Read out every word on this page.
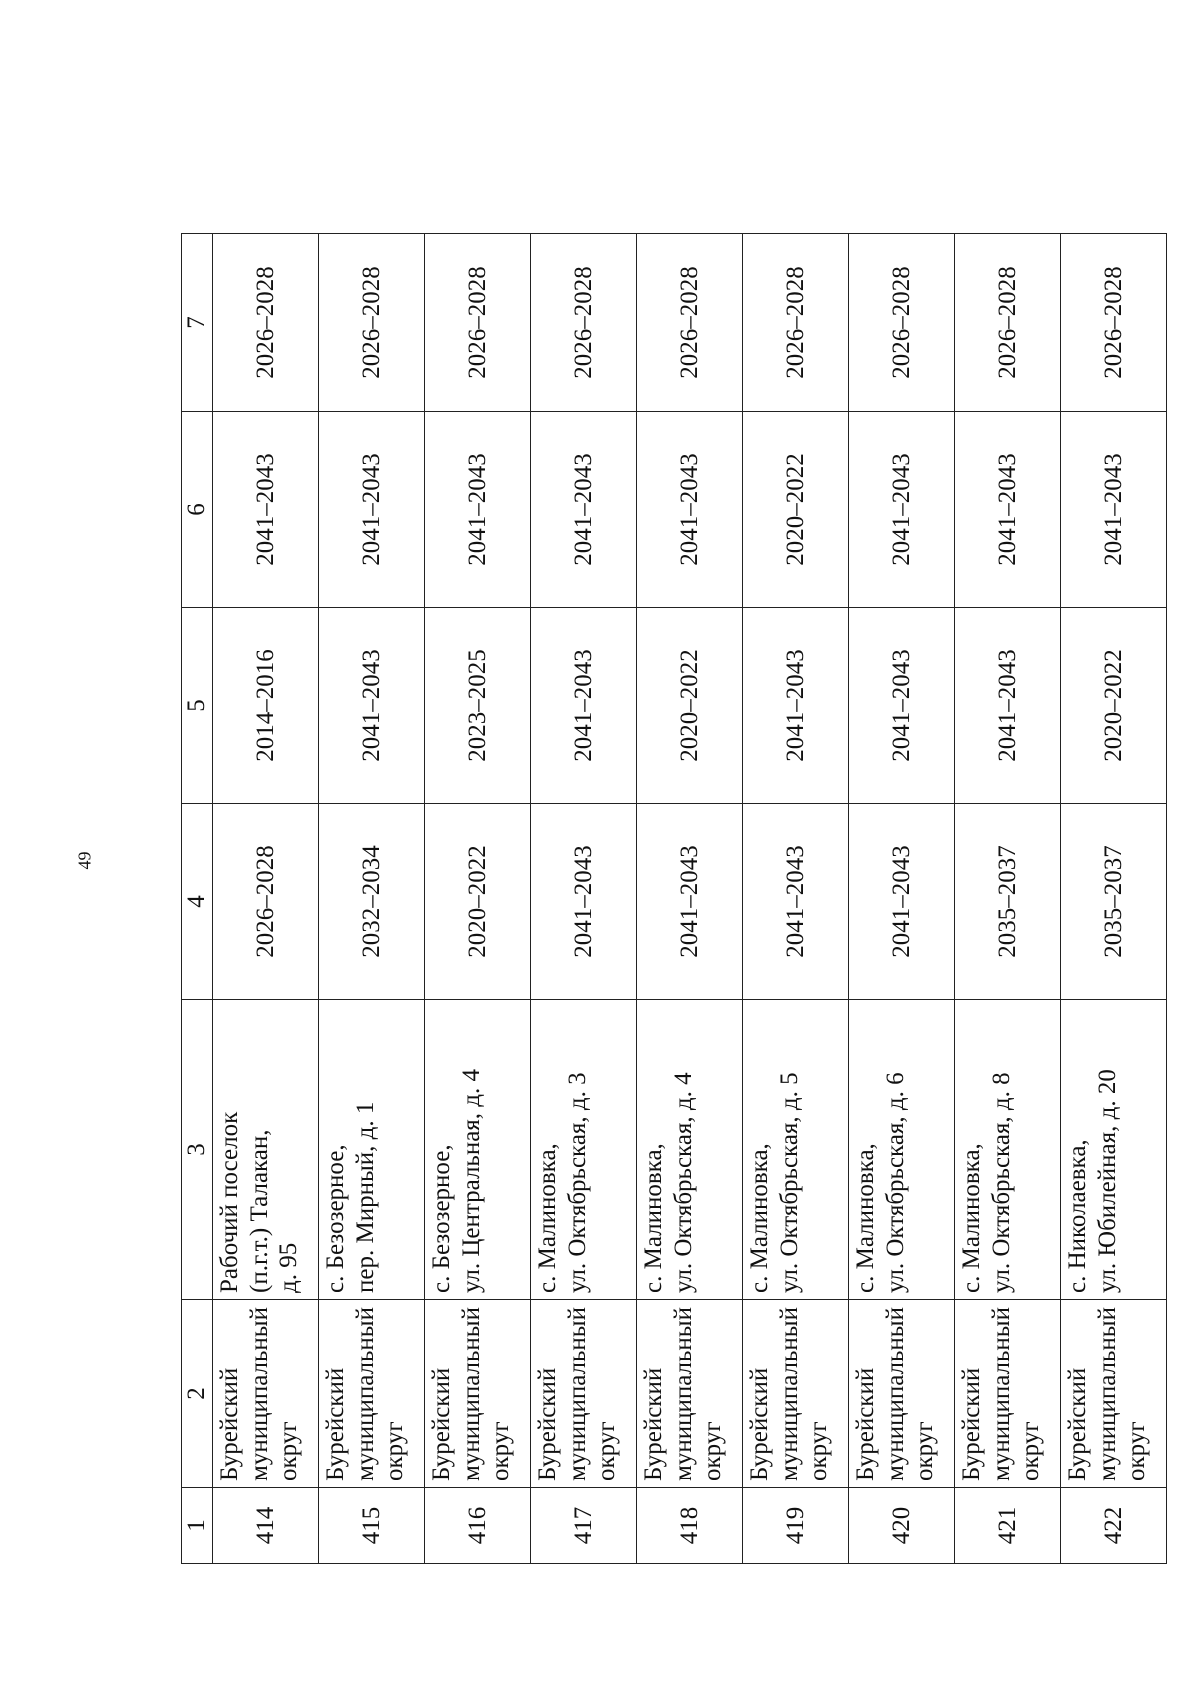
49
1	2	3	4	5	6	7
414	Бурейский муниципальный округ	Рабочий поселок (п.г.т.) Талакан, д. 95	2026–2028	2014–2016	2041–2043	2026–2028
415	Бурейский муниципальный округ	с. Безозерное, пер. Мирный, д. 1	2032–2034	2041–2043	2041–2043	2026–2028
416	Бурейский муниципальный округ	с. Безозерное, ул. Центральная, д. 4	2020–2022	2023–2025	2041–2043	2026–2028
417	Бурейский муниципальный округ	с. Малиновка, ул. Октябрьская, д. 3	2041–2043	2041–2043	2041–2043	2026–2028
418	Бурейский муниципальный округ	с. Малиновка, ул. Октябрьская, д. 4	2041–2043	2020–2022	2041–2043	2026–2028
419	Бурейский муниципальный округ	с. Малиновка, ул. Октябрьская, д. 5	2041–2043	2041–2043	2020–2022	2026–2028
420	Бурейский муниципальный округ	с. Малиновка, ул. Октябрьская, д. 6	2041–2043	2041–2043	2041–2043	2026–2028
421	Бурейский муниципальный округ	с. Малиновка, ул. Октябрьская, д. 8	2035–2037	2041–2043	2041–2043	2026–2028
422	Бурейский муниципальный округ	с. Николаевка, ул. Юбилейная, д. 20	2035–2037	2020–2022	2041–2043	2026–2028
